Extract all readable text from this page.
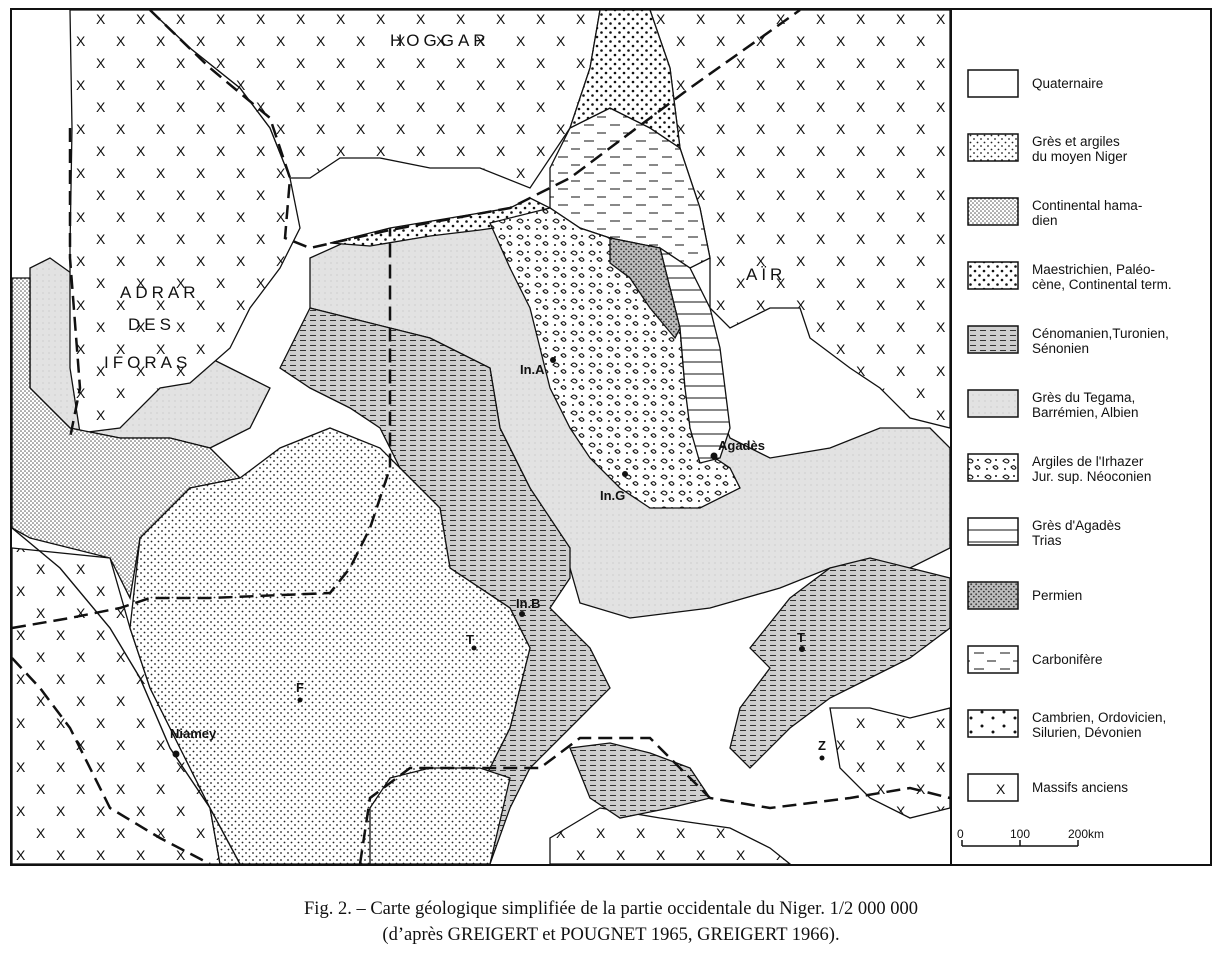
HOGGAR
ADRAR
DES
IFORAS
AÏR
In.A
In.G
Agadès
In.B
T
F
Niamey
T
Z
Quaternaire
Grès et argiles
du moyen Niger
Continental hama-
dien
Maestrichien, Paléo-
cène, Continental term.
Cénomanien,Turonien,
Sénonien
Grès du Tegama,
Barrémien, Albien
Argiles de l'Irhazer
Jur. sup. Néoconien
Grès d'Agadès
Trias
Permien
Carbonifère
Cambrien, Ordovicien,
Silurien, Dévonien
Massifs anciens
0	100	200km
Fig. 2. – Carte géologique simplifiée de la partie occidentale du Niger. 1/2 000 000
(d’après GREIGERT et POUGNET 1965, GREIGERT 1966).
